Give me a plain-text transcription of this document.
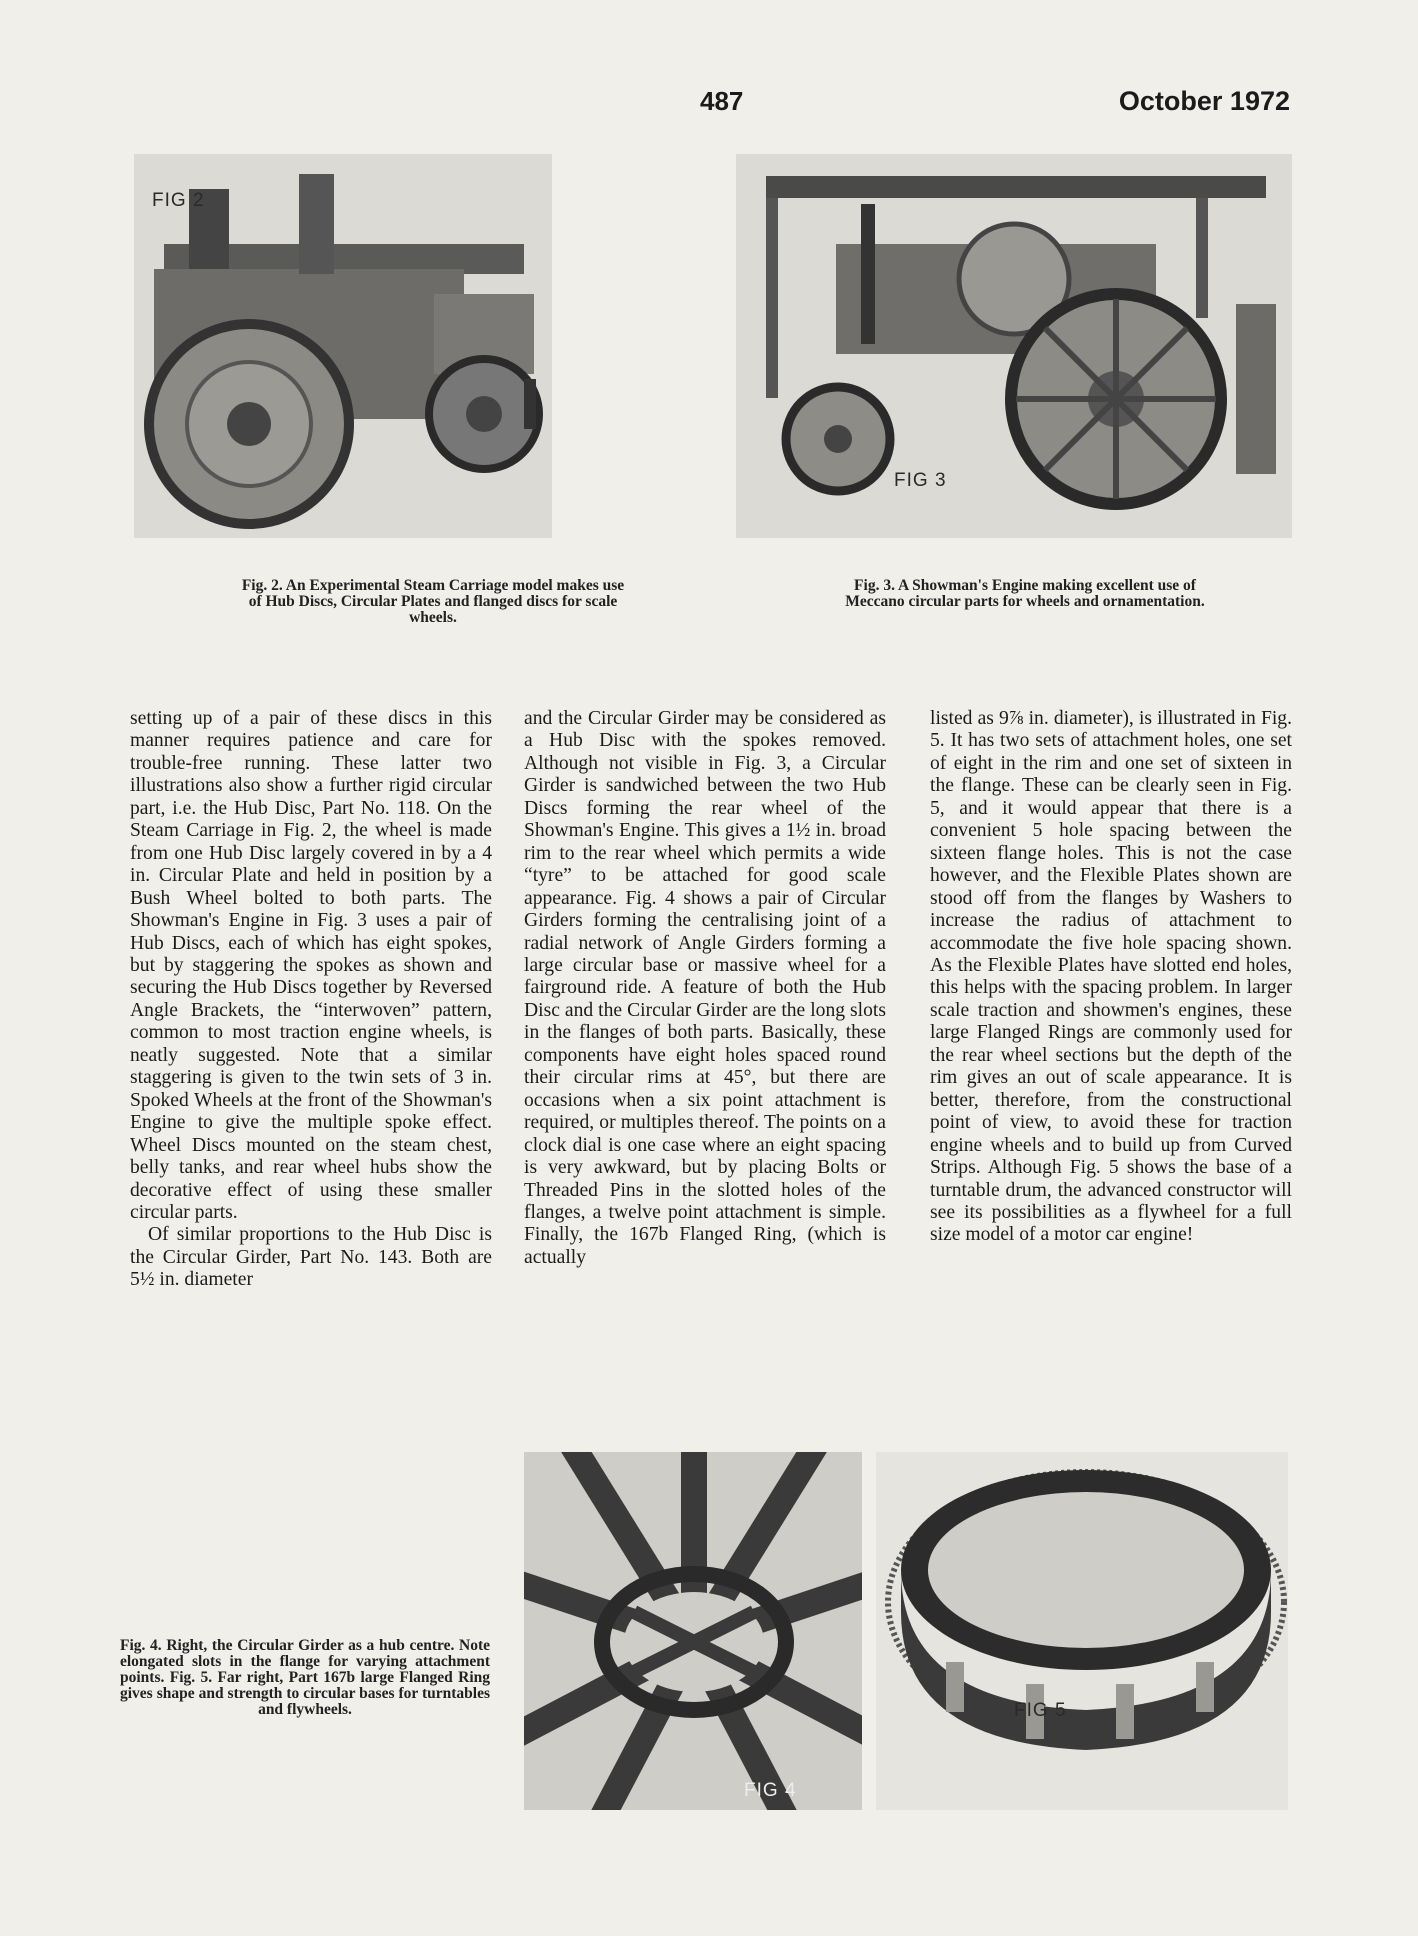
487	October 1972
FIG 2
FIG 3
Fig. 2. An Experimental Steam Carriage model makes use of Hub Discs, Circular Plates and flanged discs for scale wheels.
Fig. 3. A Showman's Engine making excellent use of Meccano circular parts for wheels and ornamentation.

setting up of a pair of these discs in this manner requires patience and care for trouble-free running. These latter two illustrations also show a further rigid circular part, i.e. the Hub Disc, Part No. 118. On the Steam Carriage in Fig. 2, the wheel is made from one Hub Disc largely covered in by a 4 in. Circular Plate and held in position by a Bush Wheel bolted to both parts. The Showman's Engine in Fig. 3 uses a pair of Hub Discs, each of which has eight spokes, but by staggering the spokes as shown and securing the Hub Discs together by Reversed Angle Brackets, the “interwoven” pattern, common to most traction engine wheels, is neatly suggested. Note that a similar staggering is given to the twin sets of 3 in. Spoked Wheels at the front of the Showman's Engine to give the multiple spoke effect. Wheel Discs mounted on the steam chest, belly tanks, and rear wheel hubs show the decorative effect of using these smaller circular parts.

Of similar proportions to the Hub Disc is the Circular Girder, Part No. 143. Both are 5½ in. diameter

and the Circular Girder may be considered as a Hub Disc with the spokes removed. Although not visible in Fig. 3, a Circular Girder is sandwiched between the two Hub Discs forming the rear wheel of the Showman's Engine. This gives a 1½ in. broad rim to the rear wheel which permits a wide “tyre” to be attached for good scale appearance. Fig. 4 shows a pair of Circular Girders forming the centralising joint of a radial network of Angle Girders forming a large circular base or massive wheel for a fairground ride. A feature of both the Hub Disc and the Circular Girder are the long slots in the flanges of both parts. Basically, these components have eight holes spaced round their circular rims at 45°, but there are occasions when a six point attachment is required, or multiples thereof. The points on a clock dial is one case where an eight spacing is very awkward, but by placing Bolts or Threaded Pins in the slotted holes of the flanges, a twelve point attachment is simple. Finally, the 167b Flanged Ring, (which is actually

listed as 9⅞ in. diameter), is illustrated in Fig. 5. It has two sets of attachment holes, one set of eight in the rim and one set of sixteen in the flange. These can be clearly seen in Fig. 5, and it would appear that there is a convenient 5 hole spacing between the sixteen flange holes. This is not the case however, and the Flexible Plates shown are stood off from the flanges by Washers to increase the radius of attachment to accommodate the five hole spacing shown. As the Flexible Plates have slotted end holes, this helps with the spacing problem. In larger scale traction and showmen's engines, these large Flanged Rings are commonly used for the rear wheel sections but the depth of the rim gives an out of scale appearance. It is better, therefore, from the constructional point of view, to avoid these for traction engine wheels and to build up from Curved Strips. Although Fig. 5 shows the base of a turntable drum, the advanced constructor will see its possibilities as a flywheel for a full size model of a motor car engine!

FIG 4
FIG 5
Fig. 4. Right, the Circular Girder as a hub centre. Note elongated slots in the flange for varying attachment points. Fig. 5. Far right, Part 167b large Flanged Ring gives shape and strength to circular bases for turntables and flywheels.
